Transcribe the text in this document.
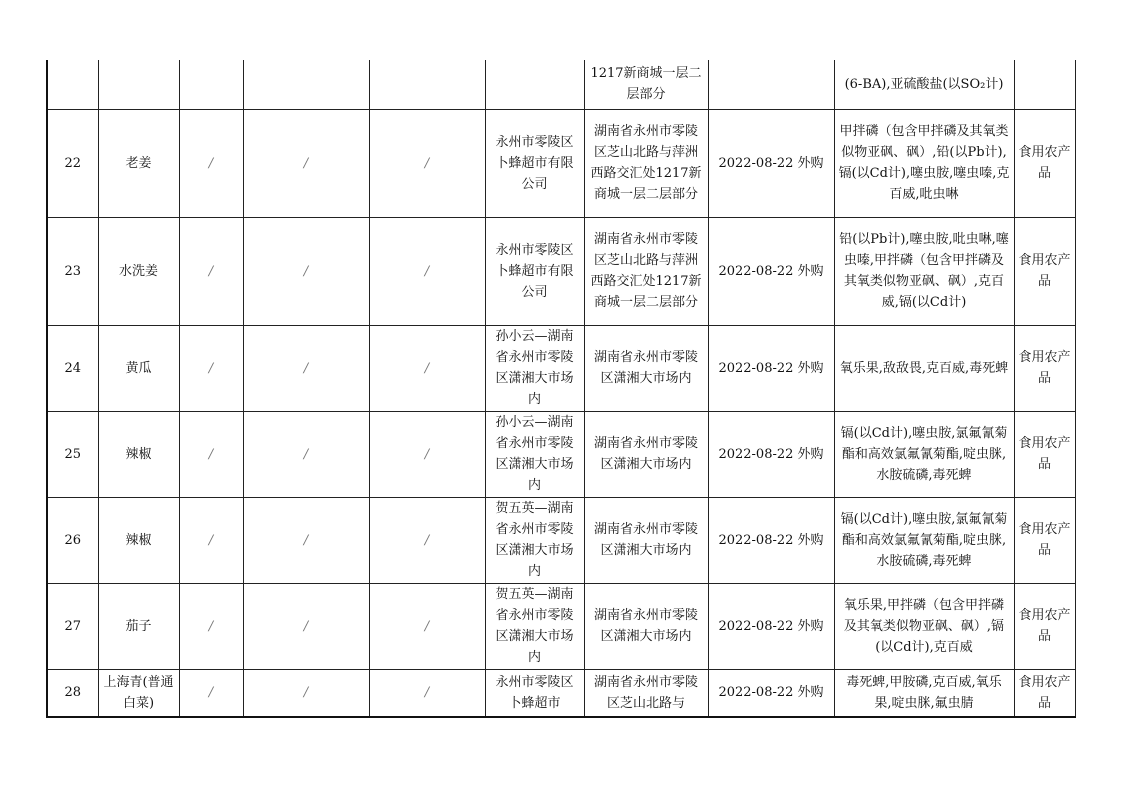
						1217新商城一层二层部分		(6-BA),亚硫酸盐(以SO₂计)	
22	老姜	/	/	/	永州市零陵区卜蜂超市有限公司	湖南省永州市零陵区芝山北路与萍洲西路交汇处1217新商城一层二层部分	2022-08-22 外购	甲拌磷（包含甲拌磷及其氧类似物亚砜、砜）,铅(以Pb计),镉(以Cd计),噻虫胺,噻虫嗪,克百威,吡虫啉	食用农产品
23	水洗姜	/	/	/	永州市零陵区卜蜂超市有限公司	湖南省永州市零陵区芝山北路与萍洲西路交汇处1217新商城一层二层部分	2022-08-22 外购	铅(以Pb计),噻虫胺,吡虫啉,噻虫嗪,甲拌磷（包含甲拌磷及其氧类似物亚砜、砜）,克百威,镉(以Cd计)	食用农产品
24	黄瓜	/	/	/	孙小云—湖南省永州市零陵区潇湘大市场内	湖南省永州市零陵区潇湘大市场内	2022-08-22 外购	氧乐果,敌敌畏,克百威,毒死蜱	食用农产品
25	辣椒	/	/	/	孙小云—湖南省永州市零陵区潇湘大市场内	湖南省永州市零陵区潇湘大市场内	2022-08-22 外购	镉(以Cd计),噻虫胺,氯氟氰菊酯和高效氯氟氰菊酯,啶虫脒,水胺硫磷,毒死蜱	食用农产品
26	辣椒	/	/	/	贺五英—湖南省永州市零陵区潇湘大市场内	湖南省永州市零陵区潇湘大市场内	2022-08-22 外购	镉(以Cd计),噻虫胺,氯氟氰菊酯和高效氯氟氰菊酯,啶虫脒,水胺硫磷,毒死蜱	食用农产品
27	茄子	/	/	/	贺五英—湖南省永州市零陵区潇湘大市场内	湖南省永州市零陵区潇湘大市场内	2022-08-22 外购	氧乐果,甲拌磷（包含甲拌磷及其氧类似物亚砜、砜）,镉(以Cd计),克百威	食用农产品
28	上海青(普通白菜)	/	/	/	永州市零陵区卜蜂超市	湖南省永州市零陵区芝山北路与	2022-08-22 外购	毒死蜱,甲胺磷,克百威,氧乐果,啶虫脒,氟虫腈	食用农产品
